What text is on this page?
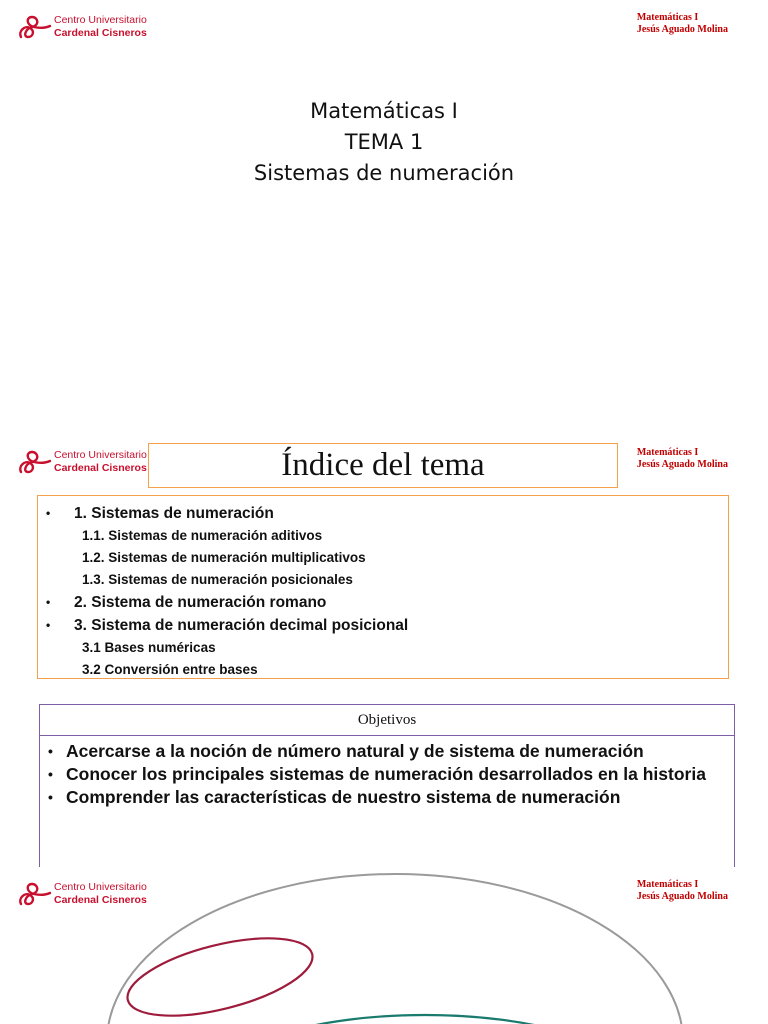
Centro Universitario
Cardenal Cisneros
Matemáticas I
Jesús Aguado Molina
Matemáticas I
TEMA 1
Sistemas de numeración
Centro Universitario
Cardenal Cisneros
Matemáticas I
Jesús Aguado Molina
Índice del tema
• 1. Sistemas de numeración
1.1. Sistemas de numeración aditivos
1.2. Sistemas de numeración multiplicativos
1.3. Sistemas de numeración posicionales
• 2. Sistema de numeración romano
• 3. Sistema de numeración decimal posicional
3.1 Bases numéricas
3.2 Conversión entre bases
Objetivos
• Acercarse a la noción de número natural y de sistema de numeración
• Conocer los principales sistemas de numeración desarrollados en la historia
• Comprender las características de nuestro sistema de numeración
Centro Universitario
Cardenal Cisneros
Matemáticas I
Jesús Aguado Molina
